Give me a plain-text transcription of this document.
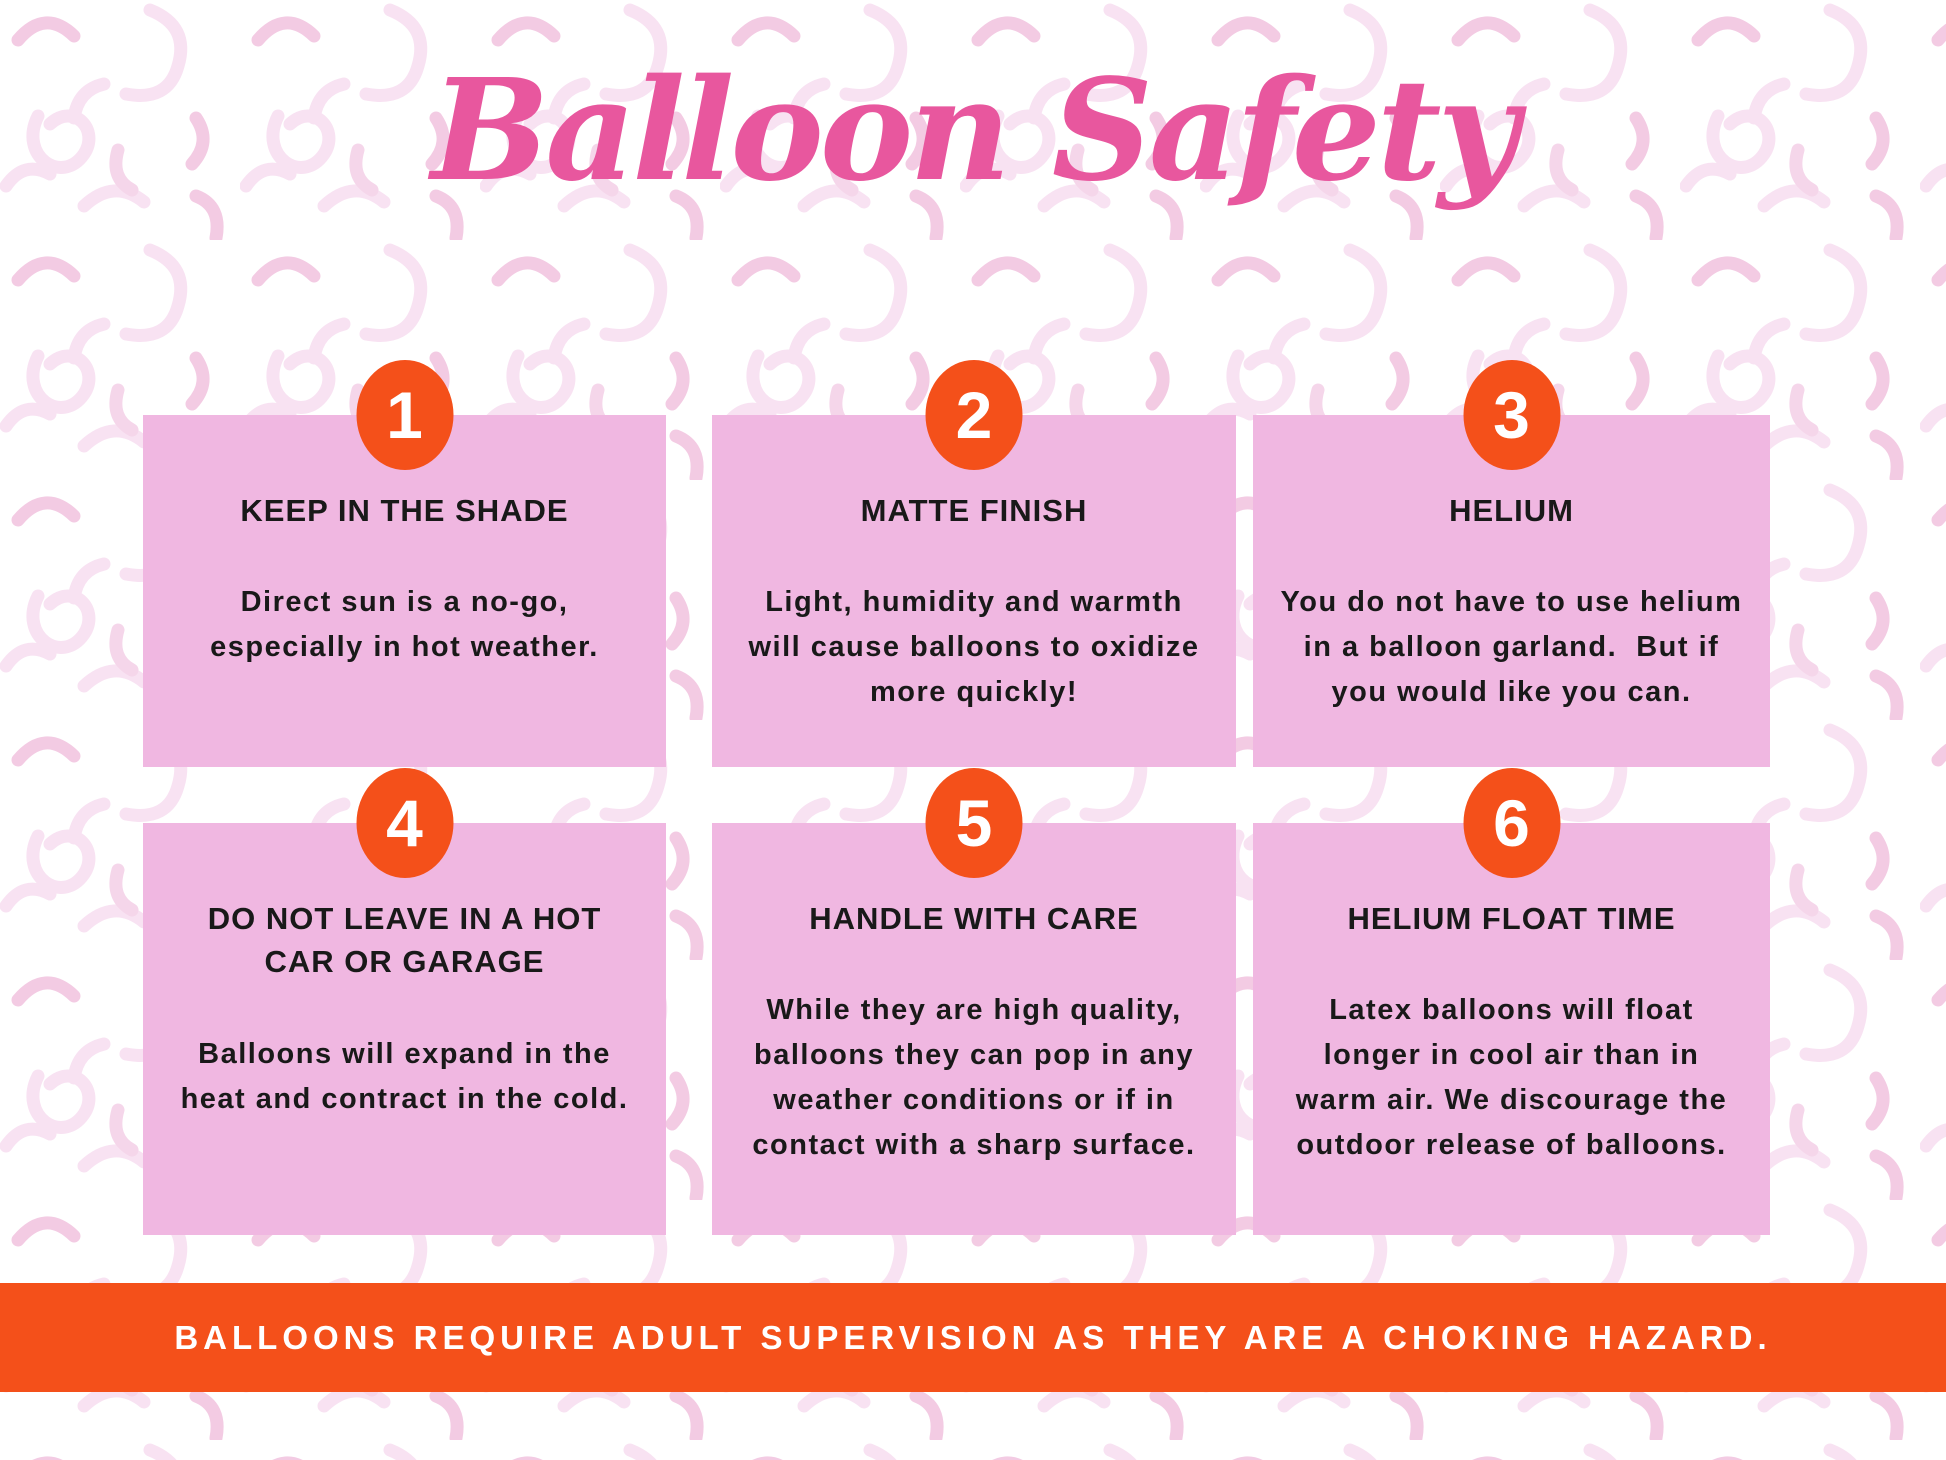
Balloon Safety
1
KEEP IN THE SHADE

Direct sun is a no-go, especially in hot weather.

2
MATTE FINISH

Light, humidity and warmth will cause balloons to oxidize more quickly!

3
HELIUM

You do not have to use helium in a balloon garland.  But if you would like you can.

4
DO NOT LEAVE IN A HOT CAR OR GARAGE

Balloons will expand in the heat and contract in the cold.

5
HANDLE WITH CARE

While they are high quality, balloons they can pop in any weather conditions or if in contact with a sharp surface.

6
HELIUM FLOAT TIME

Latex balloons will float longer in cool air than in warm air. We discourage the outdoor release of balloons.

BALLOONS REQUIRE ADULT SUPERVISION AS THEY ARE A CHOKING HAZARD.
